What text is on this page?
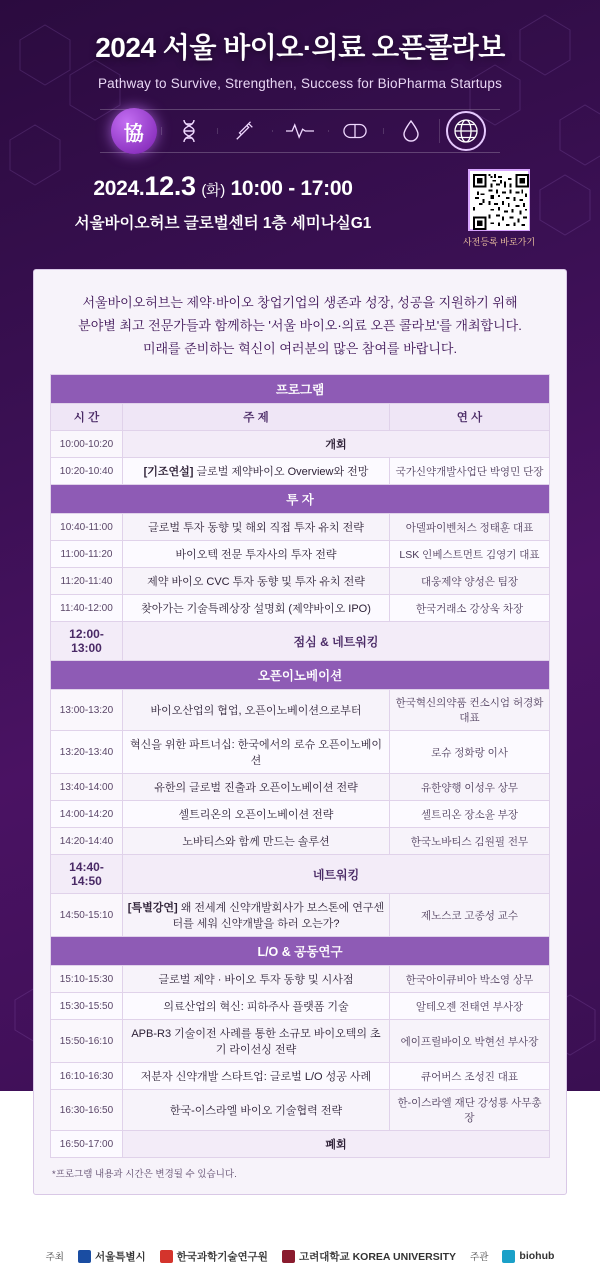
2024 서울 바이오·의료 오픈콜라보
Pathway to Survive, Strengthen, Success for BioPharma Startups
協
2024.12.3 (화) 10:00 - 17:00
서울바이오허브 글로벌센터 1층 세미나실G1
사전등록 바로가기
서울바이오허브는 제약·바이오 창업기업의 생존과 성장, 성공을 지원하기 위해
분야별 최고 전문가들과 함께하는 '서울 바이오·의료 오픈 콜라보'를 개최합니다.
미래를 준비하는 혁신이 여러분의 많은 참여를 바랍니다.
프로그램		
시 간	주 제	연 사
10:00-10:20	개회	
10:20-10:40	[기조연설] 글로벌 제약바이오 Overview와 전망	국가신약개발사업단 박영민 단장
투 자		
10:40-11:00	글로벌 투자 동향 및 해외 직접 투자 유치 전략	아델파이벤처스 정태훈 대표
11:00-11:20	바이오텍 전문 투자사의 투자 전략	LSK 인베스트먼트 김영기 대표
11:20-11:40	제약 바이오 CVC 투자 동향 및 투자 유치 전략	대웅제약 양성은 팀장
11:40-12:00	찾아가는 기술특례상장 설명회 (제약바이오 IPO)	한국거래소 강상욱 차장
12:00-13:00	점심 & 네트워킹	
오픈이노베이션		
13:00-13:20	바이오산업의 협업, 오픈이노베이션으로부터	한국혁신의약품 컨소시엄 허경화 대표
13:20-13:40	혁신을 위한 파트너십: 한국에서의 로슈 오픈이노베이션	로슈 정화랑 이사
13:40-14:00	유한의 글로벌 진출과 오픈이노베이션 전략	유한양행 이성우 상무
14:00-14:20	셀트리온의 오픈이노베이션 전략	셀트리온 장소윤 부장
14:20-14:40	노바티스와 함께 만드는 솔루션	한국노바티스 김원필 전무
14:40-14:50	네트워킹	
14:50-15:10	[특별강연] 왜 전세계 신약개발회사가 보스톤에 연구센터를 세워 신약개발을 하러 오는가?	제노스코 고종성 교수
L/O & 공동연구		
15:10-15:30	글로벌 제약 · 바이오 투자 동향 및 시사점	한국아이큐비아 박소영 상무
15:30-15:50	의료산업의 혁신: 피하주사 플랫폼 기술	알테오젠 전태연 부사장
15:50-16:10	APB-R3 기술이전 사례를 통한 소규모 바이오텍의 초기 라이선싱 전략	에이프릴바이오 박현선 부사장
16:10-16:30	저분자 신약개발 스타트업: 글로벌 L/O 성공 사례	큐어버스 조성진 대표
16:30-16:50	한국-이스라엘 바이오 기술협력 전략	한-이스라엘 재단 강성룡 사무총장
16:50-17:00	폐회	
*프로그램 내용과 시간은 변경될 수 있습니다.
[ 문의처 ] E-mail : biohubopencollabo@gmail.com TEL : 02-718-3700
주최	서울특별시	한국과학기술연구원	고려대학교 KOREA UNIVERSITY 주관	biohub
